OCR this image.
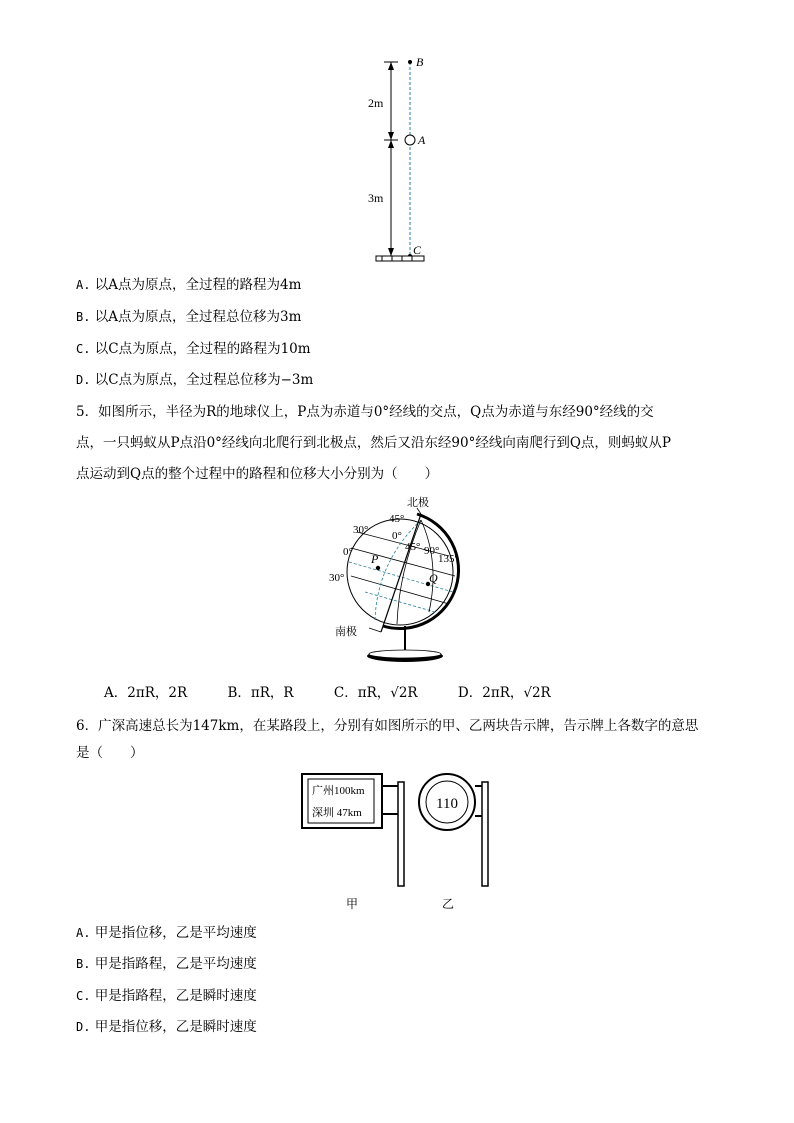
B
A
C
2m
3m
A. 以A点为原点，全过程的路程为4m
B. 以A点为原点，全过程总位移为3m
C. 以C点为原点，全过程的路程为10m
D. 以C点为原点，全过程总位移为−3m
5．如图所示，半径为R的地球仪上，P点为赤道与0°经线的交点，Q点为赤道与东经90°经线的交
点，一只蚂蚁从P点沿0°经线向北爬行到北极点，然后又沿东经90°经线向南爬行到Q点，则蚂蚁从P
点运动到Q点的整个过程中的路程和位移大小分别为（　　）
北极
南极
30°
0°
30°
45°
0°
45° 90°
135°
P
Q
A．2πR，2R	B．πR，R	C．πR，√2R	D．2πR，√2R
6．广深高速总长为147km，在某路段上，分别有如图所示的甲、乙两块告示牌，告示牌上各数字的意思
是（　　）
广州100km
深圳 47km
110
甲	乙
A. 甲是指位移，乙是平均速度
B. 甲是指路程，乙是平均速度
C. 甲是指路程，乙是瞬时速度
D. 甲是指位移，乙是瞬时速度
